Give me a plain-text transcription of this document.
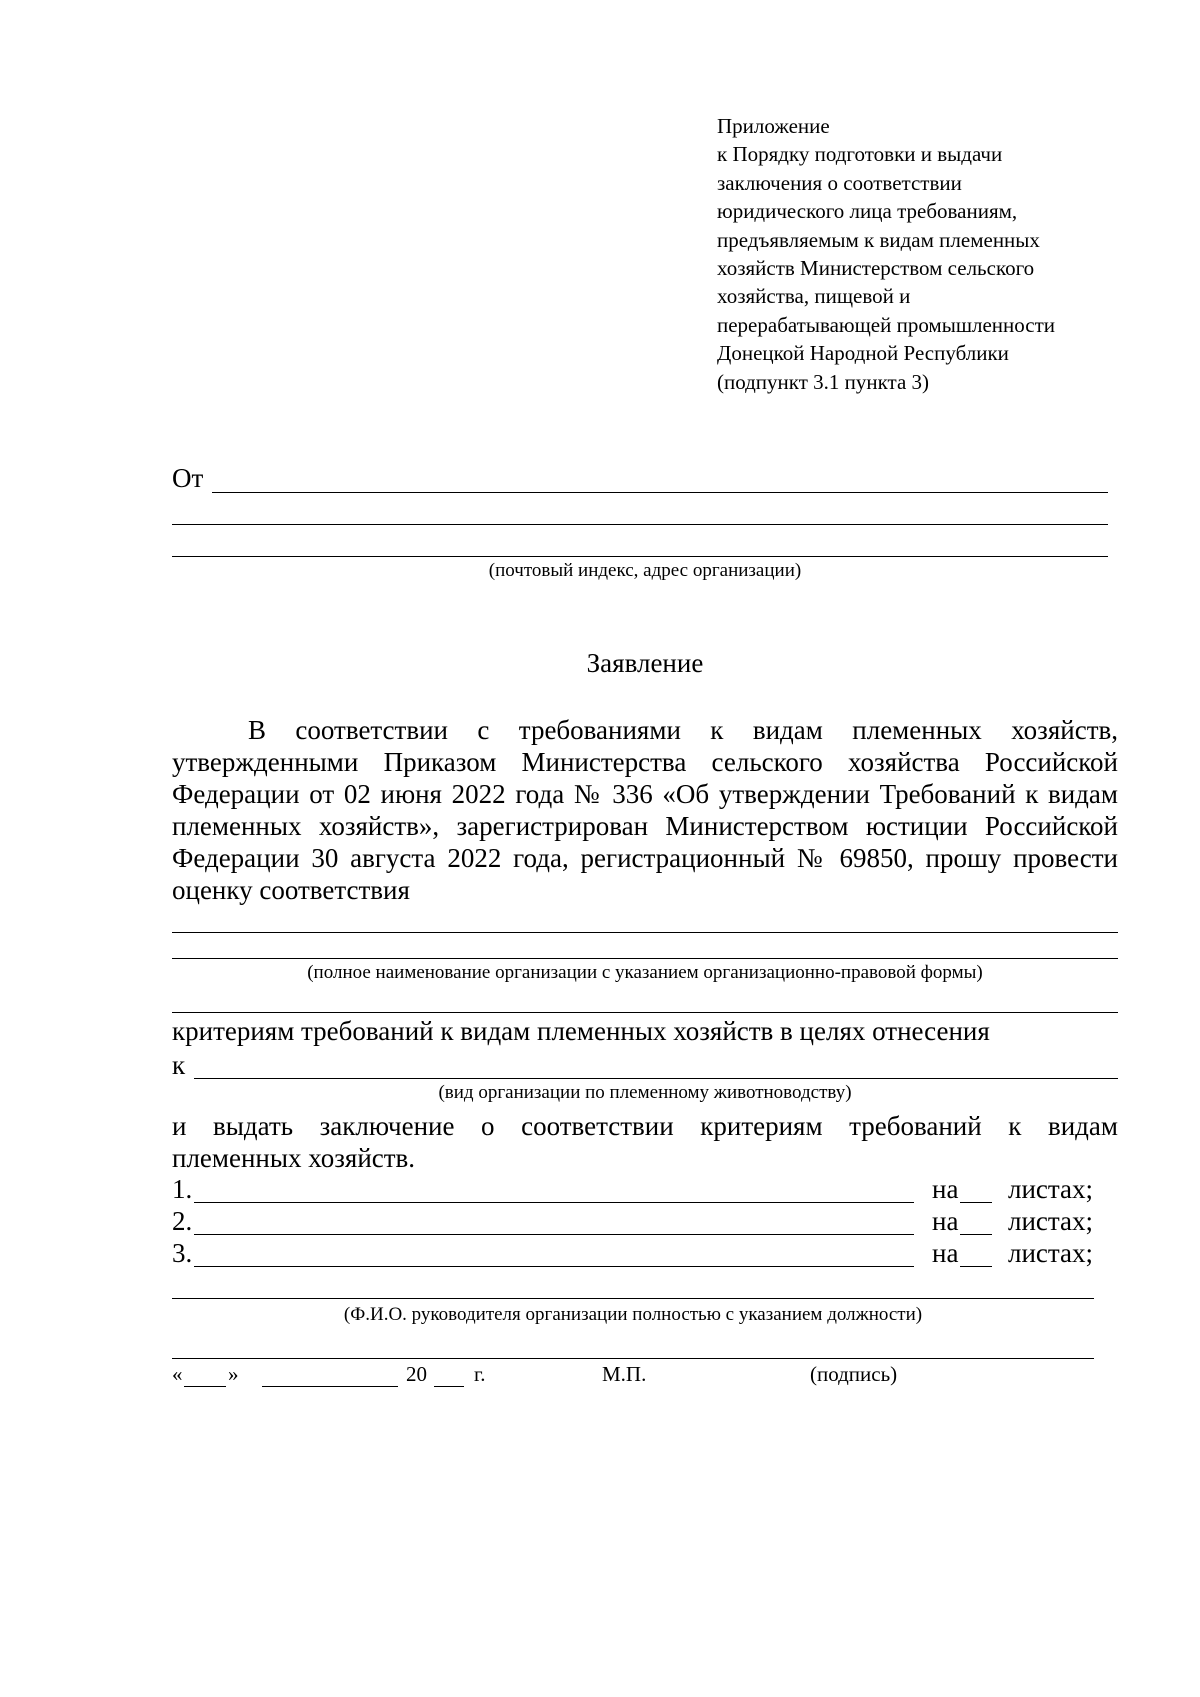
Приложение
к Порядку подготовки и выдачи
заключения о соответствии
юридического лица требованиям,
предъявляемым к видам племенных
хозяйств Министерством сельского
хозяйства, пищевой и
перерабатывающей промышленности
Донецкой Народной Республики
(подпункт 3.1 пункта 3)
От
(почтовый индекс, адрес организации)
Заявление
В соответствии с требованиями к видам племенных хозяйств,
утвержденными Приказом Министерства сельского хозяйства Российской
Федерации от 02 июня 2022 года № 336 «Об утверждении Требований к видам
племенных хозяйств», зарегистрирован Министерством юстиции Российской
Федерации 30 августа 2022 года, регистрационный № 69850, прошу провести
оценку соответствия
(полное наименование организации с указанием организационно-правовой формы)
критериям требований к видам племенных хозяйств в целях отнесения
к
(вид организации по племенному животноводству)
и выдать заключение о соответствии критериям требований к видам
племенных хозяйств.
1.	на листах;
2.	на листах;
3.	на листах;
(Ф.И.О. руководителя организации полностью с указанием должности)
« »	20 г.	М.П.	(подпись)
